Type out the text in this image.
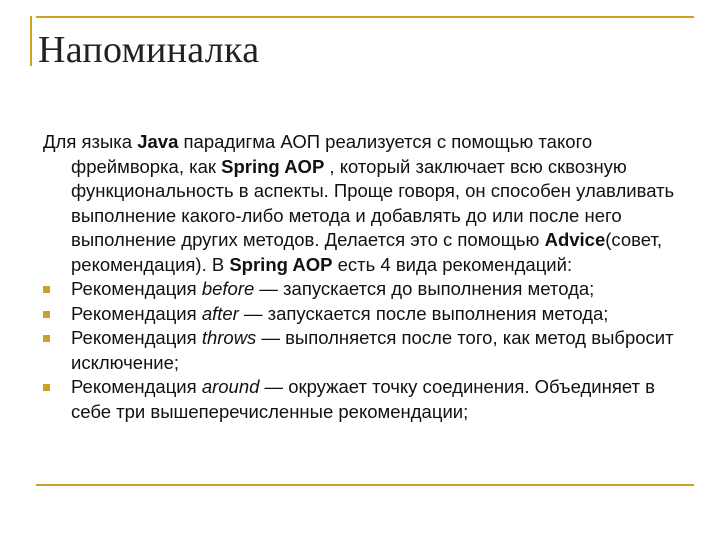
Напоминалка
Для языка Java парадигма АОП реализуется с помощью такого фреймворка, как Spring AOP , который заключает всю сквозную функциональность в аспекты. Проще говоря, он способен улавливать выполнение какого-либо метода и добавлять до или после него выполнение других методов. Делается это с помощью Advice(совет, рекомендация). В Spring AOP есть 4 вида рекомендаций:
Рекомендация before — запускается до выполнения метода;
Рекомендация after — запускается после выполнения метода;
Рекомендация throws — выполняется после того, как метод выбросит исключение;
Рекомендация around — окружает точку соединения. Объединяет в себе три вышеперечисленные рекомендации;
